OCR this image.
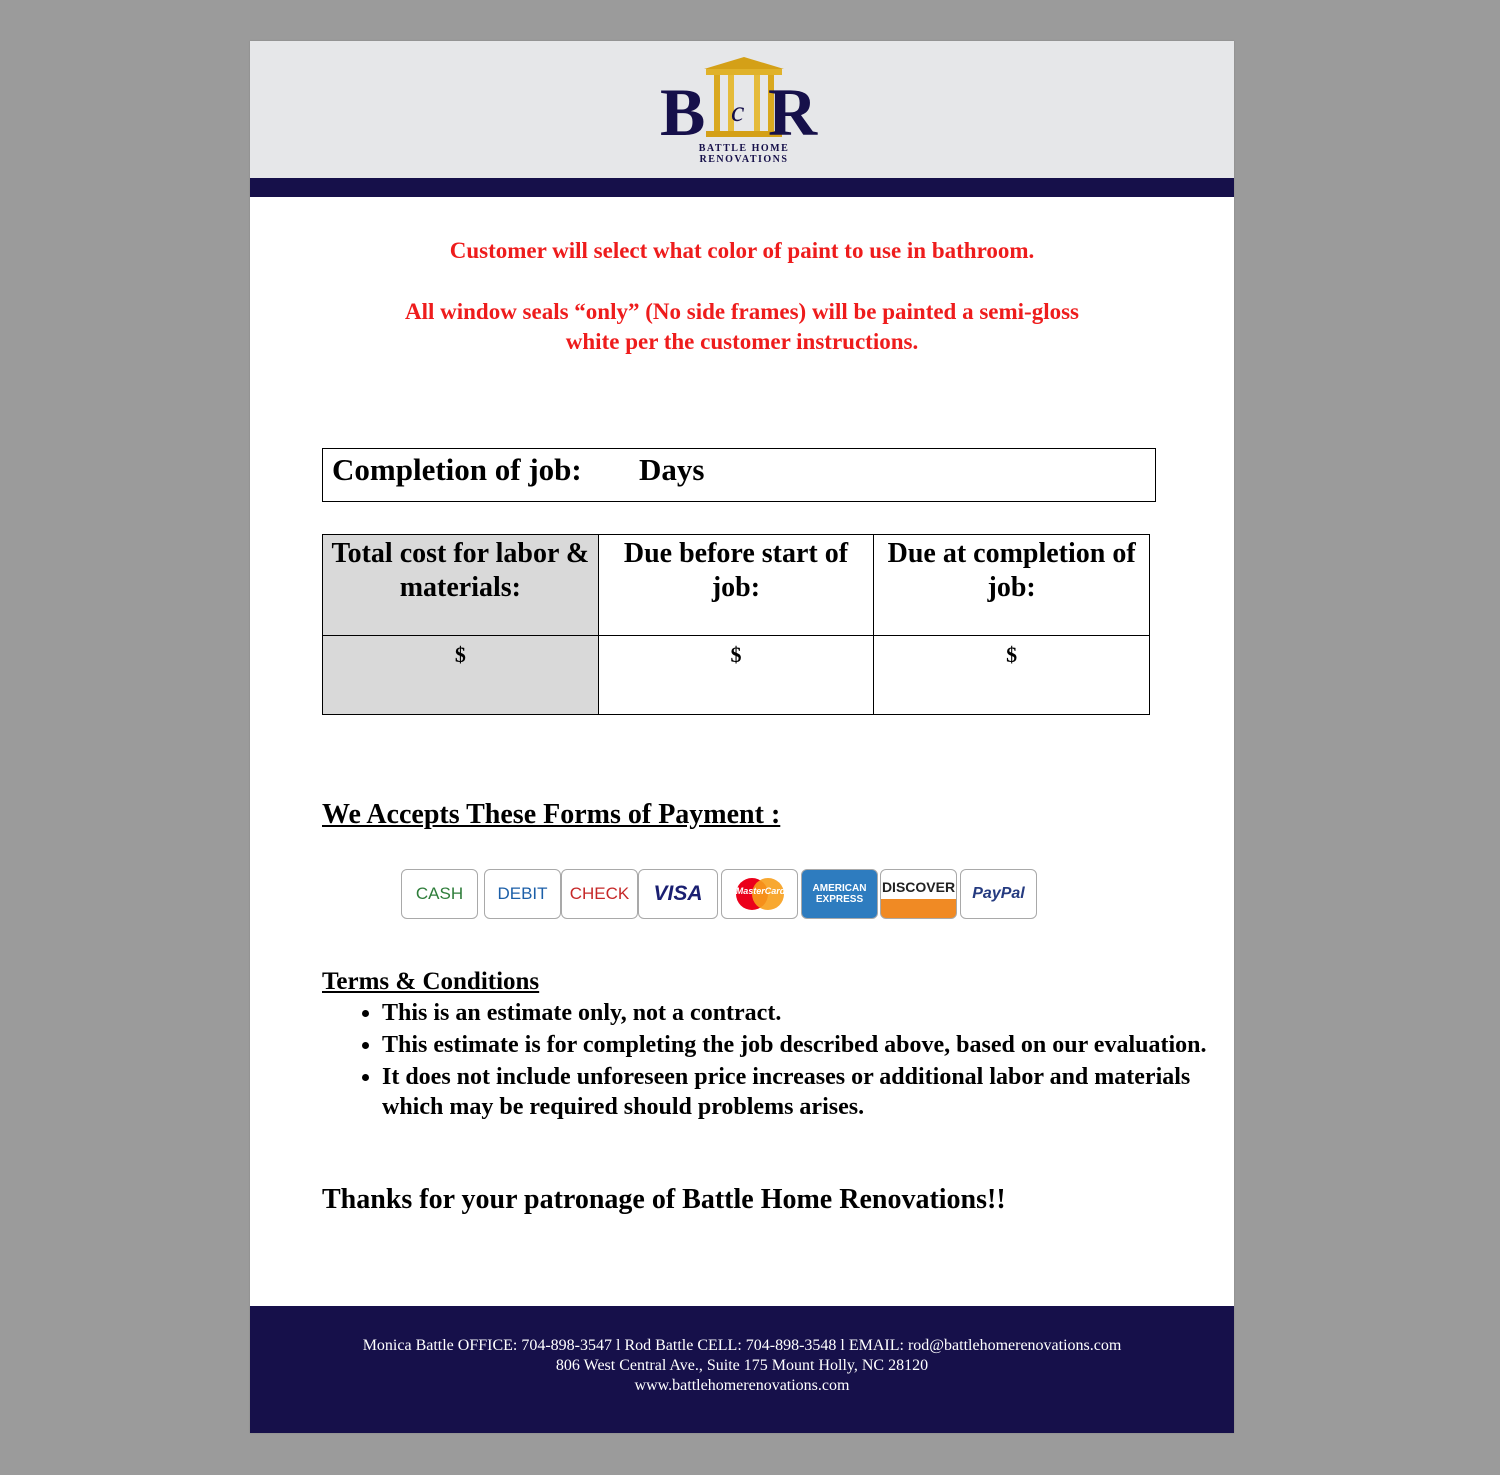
B R
c
BATTLE HOME RENOVATIONS
Customer will select what color of paint to use in bathroom.
All window seals “only” (No side frames) will be painted a semi-gloss
white per the customer instructions.
Completion of job: Days
Total cost for labor & materials:	Due before start of job:	Due at completion of job:
$	$	$
We Accepts These Forms of Payment :
CASH DEBIT CHECK VISA	MasterCard	AMERICAN EXPRESS
DISCOVER PayPal
Terms & Conditions
• This is an estimate only, not a contract.
• This estimate is for completing the job described above, based on our evaluation.
• It does not include unforeseen price increases or additional labor and materials which may be required should problems arises.
Thanks for your patronage of Battle Home Renovations!!
Monica Battle OFFICE: 704-898-3547 l Rod Battle CELL: 704-898-3548 l EMAIL: rod@battlehomerenovations.com
806 West Central Ave., Suite 175 Mount Holly, NC 28120
www.battlehomerenovations.com
